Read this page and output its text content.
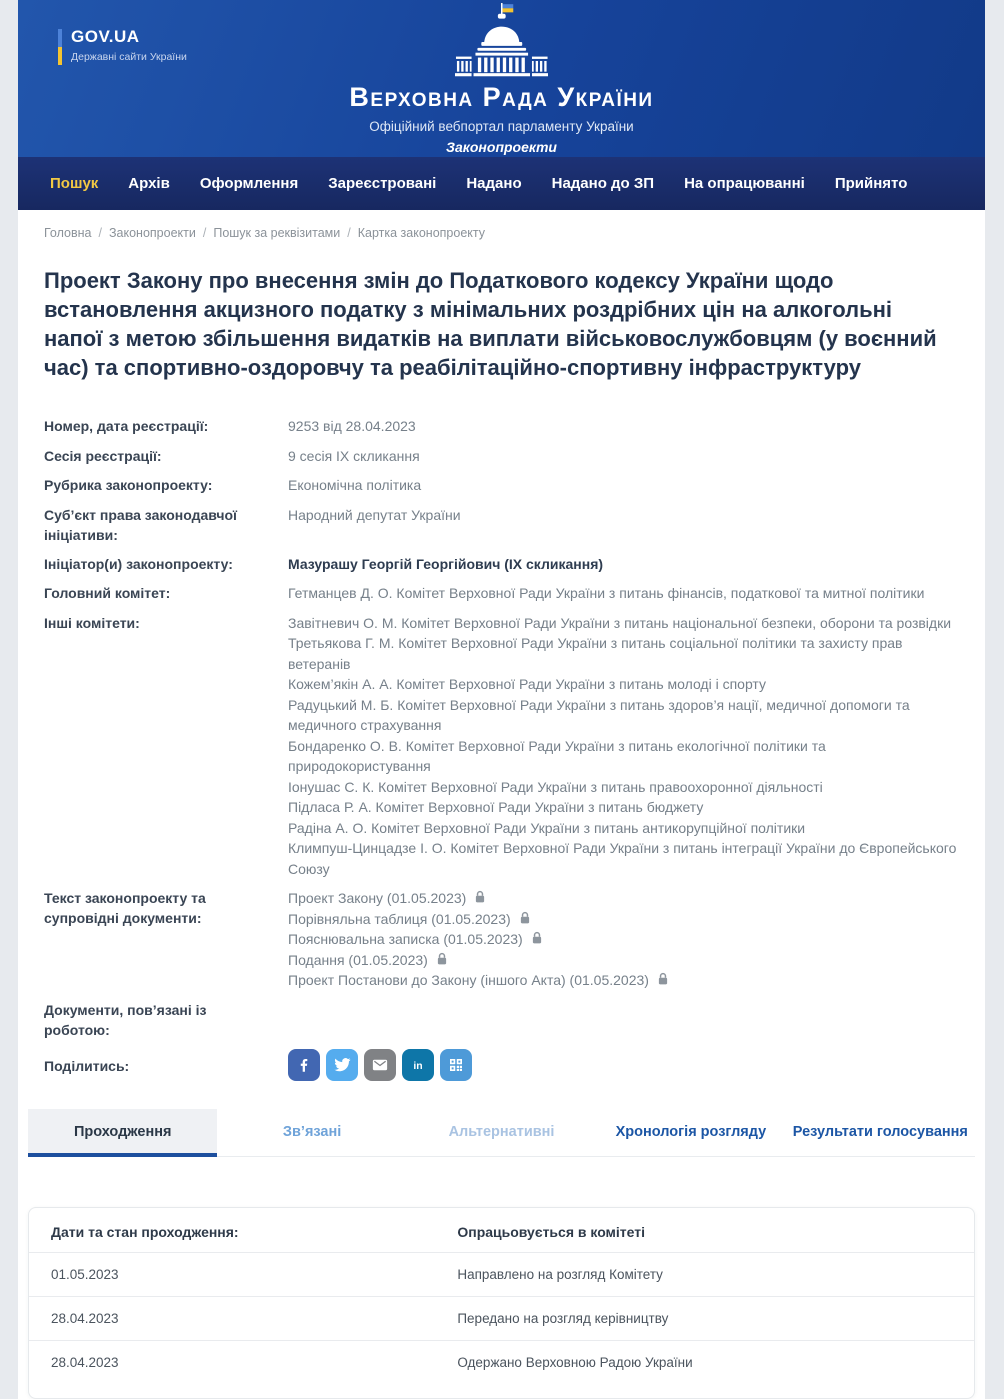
GOV.UA
Державні сайти України
Верховна Рада України
Офіційний вебпортал парламенту України
Законопроекти
Пошук Архів Оформлення Зареєстровані Надано Надано до ЗП На опрацюванні Прийнято
Головна / Законопроекти / Пошук за реквізитами / Картка законопроекту
Проект Закону про внесення змін до Податкового кодексу України щодо встановлення акцизного податку з мінімальних роздрібних цін на алкогольні напої з метою збільшення видатків на виплати військовослужбовцям (у воєнний час) та спортивно-оздоровчу та реабілітаційно-спортивну інфраструктуру
Номер, дата реєстрації:	9253 від 28.04.2023
Сесія реєстрації:	9 сесія IX скликання
Рубрика законопроекту:	Економічна політика
Суб’єкт права законодавчої ініціативи:
Народний депутат України
Ініціатор(и) законопроекту:	Мазурашу Георгій Георгійович (IX скликання)
Головний комітет:	Гетманцев Д. О. Комітет Верховної Ради України з питань фінансів, податкової та митної політики
Інші комітети:	Завітневич О. М. Комітет Верховної Ради України з питань національної безпеки, оборони та розвідки
Третьякова Г. М. Комітет Верховної Ради України з питань соціальної політики та захисту прав ветеранів
Кожем’якін А. А. Комітет Верховної Ради України з питань молоді і спорту
Радуцький М. Б. Комітет Верховної Ради України з питань здоров’я нації, медичної допомоги та медичного страхування
Бондаренко О. В. Комітет Верховної Ради України з питань екологічної політики та природокористування
Іонушас С. К. Комітет Верховної Ради України з питань правоохоронної діяльності
Підласа Р. А. Комітет Верховної Ради України з питань бюджету
Радіна А. О. Комітет Верховної Ради України з питань антикорупційної політики
Климпуш-Цинцадзе І. О. Комітет Верховної Ради України з питань інтеграції України до Європейського Союзу
Текст законопроекту та супровідні документи:
Проект Закону (01.05.2023)
Порівняльна таблиця (01.05.2023)
Пояснювальна записка (01.05.2023)
Подання (01.05.2023)
Проект Постанови до Закону (іншого Акта) (01.05.2023)
Документи, пов’язані із роботою:
Поділитись:	in
Проходження	Зв’язані	Альтернативні	Хронологія розгляду	Результати голосування
Дати та стан проходження:	Опрацьовується в комітеті
01.05.2023	Направлено на розгляд Комітету
28.04.2023	Передано на розгляд керівництву
28.04.2023	Одержано Верховною Радою України
